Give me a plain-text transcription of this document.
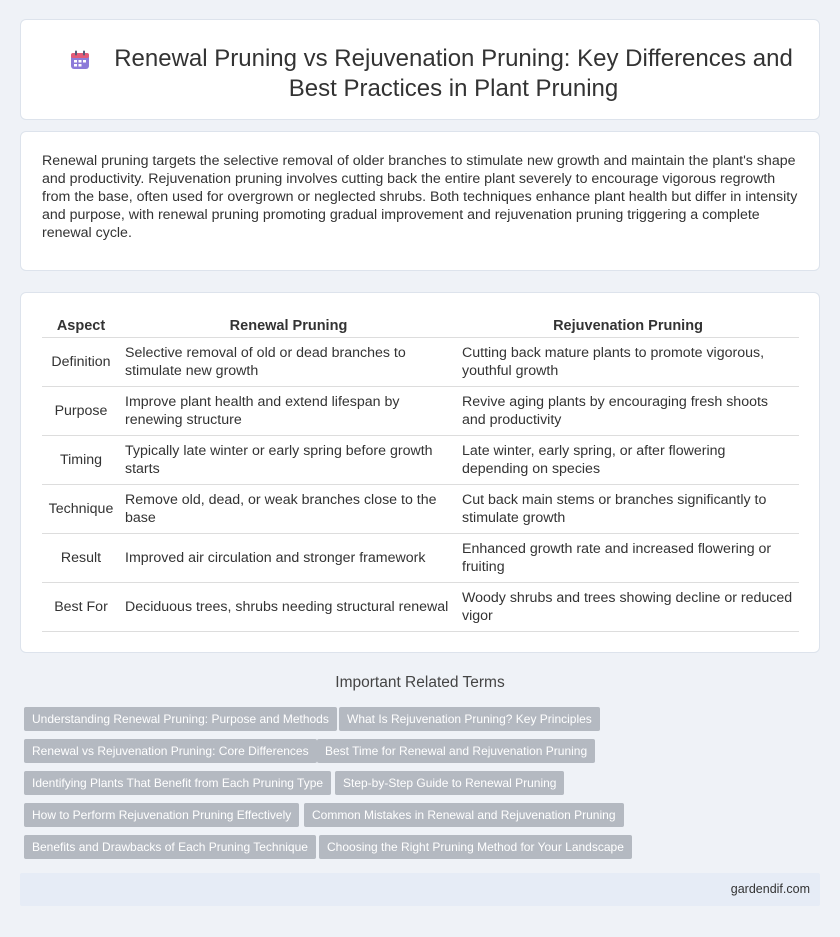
Renewal Pruning vs Rejuvenation Pruning: Key Differences and Best Practices in Plant Pruning

Renewal pruning targets the selective removal of older branches to stimulate new growth and maintain the plant's shape and productivity. Rejuvenation pruning involves cutting back the entire plant severely to encourage vigorous regrowth from the base, often used for overgrown or neglected shrubs. Both techniques enhance plant health but differ in intensity and purpose, with renewal pruning promoting gradual improvement and rejuvenation pruning triggering a complete renewal cycle.

Aspect	Renewal Pruning	Rejuvenation Pruning
Definition	Selective removal of old or dead branches to stimulate new growth	Cutting back mature plants to promote vigorous, youthful growth
Purpose	Improve plant health and extend lifespan by renewing structure	Revive aging plants by encouraging fresh shoots and productivity
Timing	Typically late winter or early spring before growth starts	Late winter, early spring, or after flowering depending on species
Technique	Remove old, dead, or weak branches close to the base	Cut back main stems or branches significantly to stimulate growth
Result	Improved air circulation and stronger framework	Enhanced growth rate and increased flowering or fruiting
Best For	Deciduous trees, shrubs needing structural renewal	Woody shrubs and trees showing decline or reduced vigor
Important Related Terms
Understanding Renewal Pruning: Purpose and Methods	What Is Rejuvenation Pruning? Key Principles
Renewal vs Rejuvenation Pruning: Core Differences	Best Time for Renewal and Rejuvenation Pruning
Identifying Plants That Benefit from Each Pruning Type	Step-by-Step Guide to Renewal Pruning
How to Perform Rejuvenation Pruning Effectively	Common Mistakes in Renewal and Rejuvenation Pruning
Benefits and Drawbacks of Each Pruning Technique	Choosing the Right Pruning Method for Your Landscape
gardendif.com
